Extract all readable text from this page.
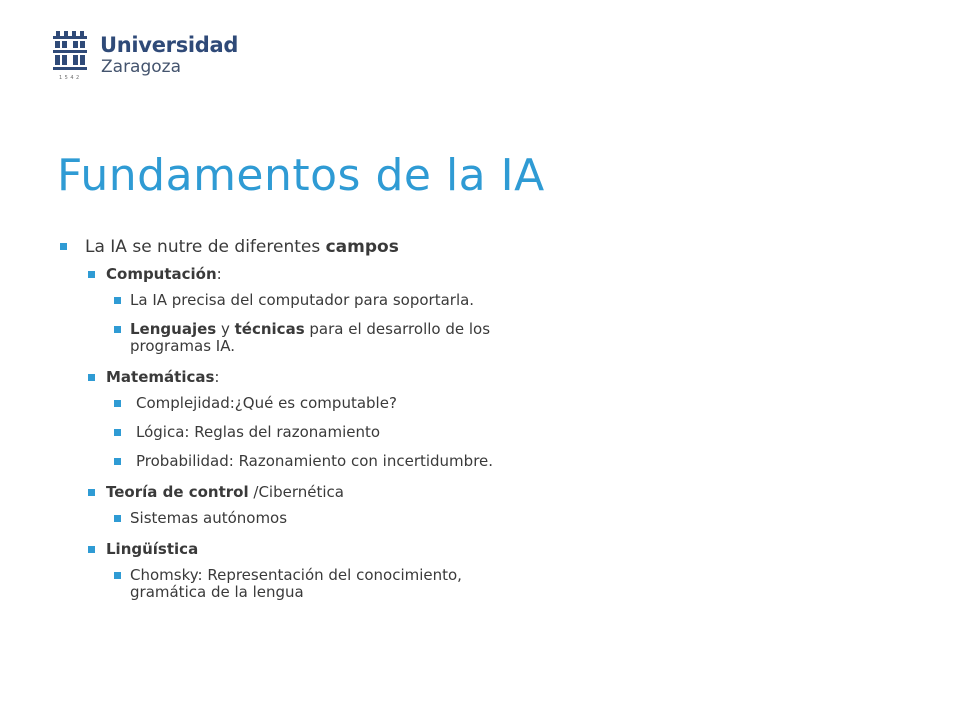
1542
Universidad
Zaragoza
Fundamentos de la IA
La IA se nutre de diferentes campos
Computación:
La IA precisa del computador para soportarla.
Lenguajes y técnicas para el desarrollo de los
programas IA.
Matemáticas:
Complejidad:¿Qué es computable?
Lógica: Reglas del razonamiento
Probabilidad: Razonamiento con incertidumbre.
Teoría de control /Cibernética
Sistemas autónomos
Lingüística
Chomsky: Representación del conocimiento,
gramática de la lengua
